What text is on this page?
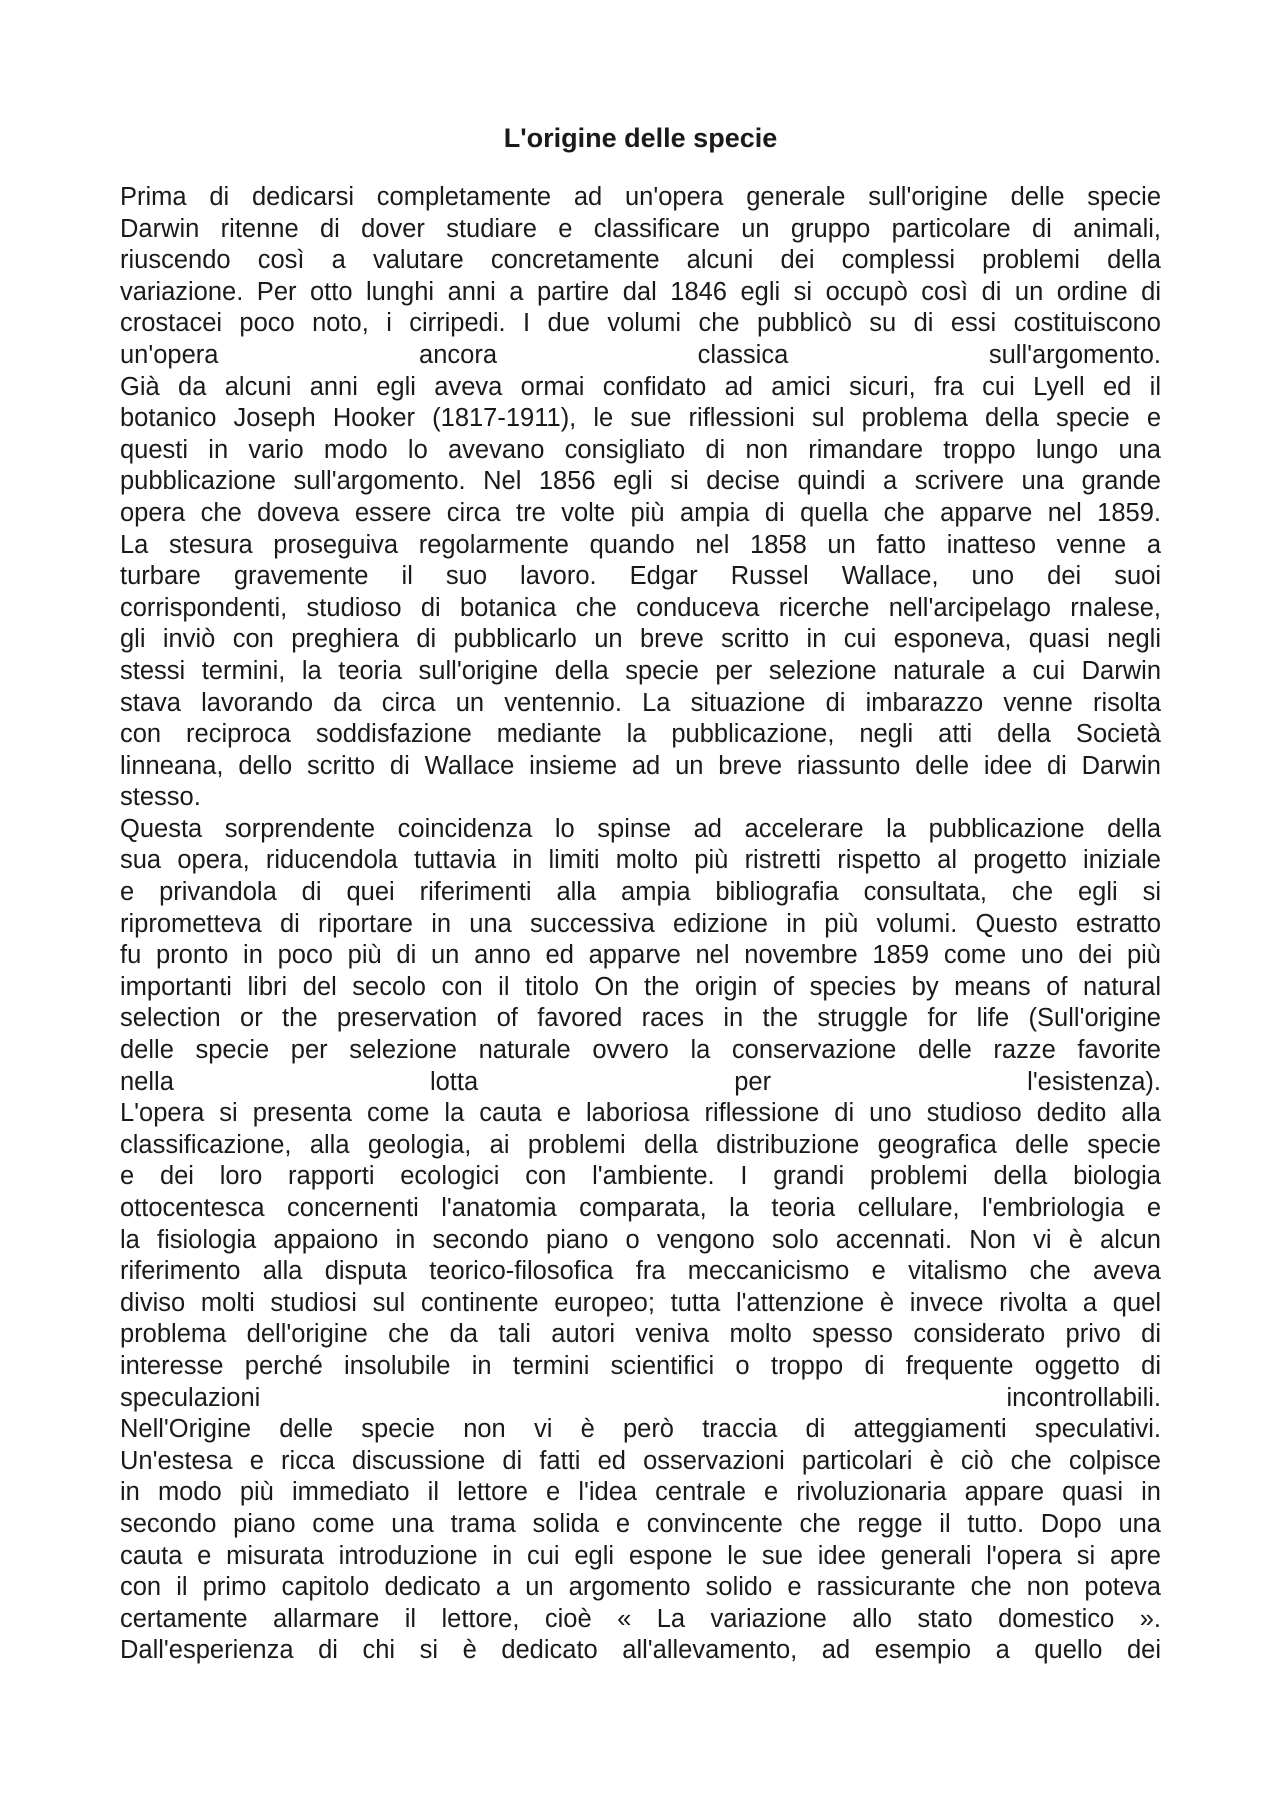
L'origine delle specie
Prima di dedicarsi completamente ad un'opera generale sull'origine delle specie
Darwin ritenne di dover studiare e classificare un gruppo particolare di animali,
riuscendo così a valutare concretamente alcuni dei complessi problemi della
variazione. Per otto lunghi anni a partire dal 1846 egli si occupò così di un ordine di
crostacei poco noto, i cirripedi. I due volumi che pubblicò su di essi costituiscono
un'opera ancora classica sull'argomento.
Già da alcuni anni egli aveva ormai confidato ad amici sicuri, fra cui Lyell ed il
botanico Joseph Hooker (1817-1911), le sue riflessioni sul problema della specie e
questi in vario modo lo avevano consigliato di non rimandare troppo lungo una
pubblicazione sull'argomento. Nel 1856 egli si decise quindi a scrivere una grande
opera che doveva essere circa tre volte più ampia di quella che apparve nel 1859.
La stesura proseguiva regolarmente quando nel 1858 un fatto inatteso venne a
turbare gravemente il suo lavoro. Edgar Russel Wallace, uno dei suoi
corrispondenti, studioso di botanica che conduceva ricerche nell'arcipelago rnalese,
gli inviò con preghiera di pubblicarlo un breve scritto in cui esponeva, quasi negli
stessi termini, la teoria sull'origine della specie per selezione naturale a cui Darwin
stava lavorando da circa un ventennio. La situazione di imbarazzo venne risolta
con reciproca soddisfazione mediante la pubblicazione, negli atti della Società
linneana, dello scritto di Wallace insieme ad un breve riassunto delle idee di Darwin
stesso.
Questa sorprendente coincidenza lo spinse ad accelerare la pubblicazione della
sua opera, riducendola tuttavia in limiti molto più ristretti rispetto al progetto iniziale
e privandola di quei riferimenti alla ampia bibliografia consultata, che egli si
riprometteva di riportare in una successiva edizione in più volumi. Questo estratto
fu pronto in poco più di un anno ed apparve nel novembre 1859 come uno dei più
importanti libri del secolo con il titolo On the origin of species by means of natural
selection or the preservation of favored races in the struggle for life (Sull'origine
delle specie per selezione naturale ovvero la conservazione delle razze favorite
nella lotta per l'esistenza).
L'opera si presenta come la cauta e laboriosa riflessione di uno studioso dedito alla
classificazione, alla geologia, ai problemi della distribuzione geografica delle specie
e dei loro rapporti ecologici con l'ambiente. I grandi problemi della biologia
ottocentesca concernenti l'anatomia comparata, la teoria cellulare, l'embriologia e
la fisiologia appaiono in secondo piano o vengono solo accennati. Non vi è alcun
riferimento alla disputa teorico-filosofica fra meccanicismo e vitalismo che aveva
diviso molti studiosi sul continente europeo; tutta l'attenzione è invece rivolta a quel
problema dell'origine che da tali autori veniva molto spesso considerato privo di
interesse perché insolubile in termini scientifici o troppo di frequente oggetto di
speculazioni incontrollabili.
Nell'Origine delle specie non vi è però traccia di atteggiamenti speculativi.
Un'estesa e ricca discussione di fatti ed osservazioni particolari è ciò che colpisce
in modo più immediato il lettore e l'idea centrale e rivoluzionaria appare quasi in
secondo piano come una trama solida e convincente che regge il tutto. Dopo una
cauta e misurata introduzione in cui egli espone le sue idee generali l'opera si apre
con il primo capitolo dedicato a un argomento solido e rassicurante che non poteva
certamente allarmare il lettore, cioè « La variazione allo stato domestico ».
Dall'esperienza di chi si è dedicato all'allevamento, ad esempio a quello dei
